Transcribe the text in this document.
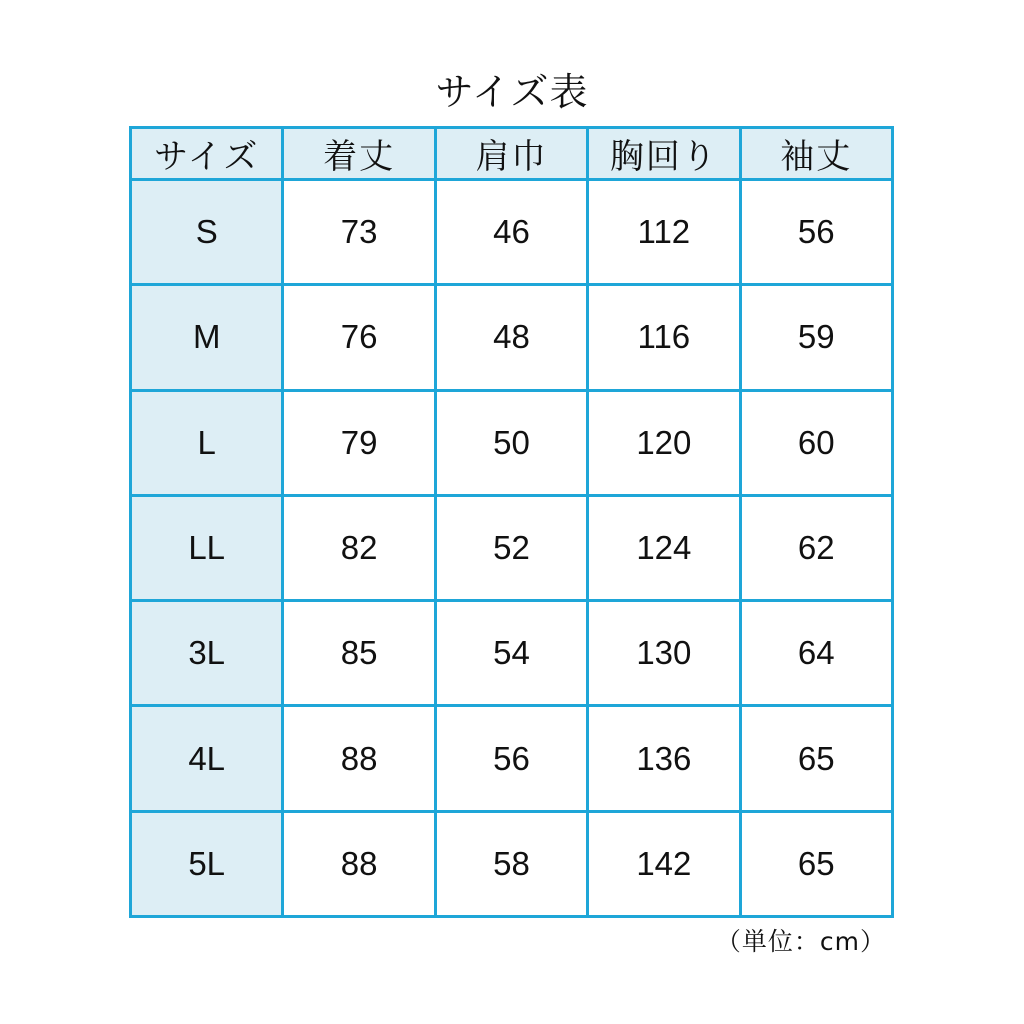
サイズ表
サイズ	着丈	肩巾	胸回り	袖丈
S	73	46	112	56
M	76	48	116	59
L	79	50	120	60
LL	82	52	124	62
3L	85	54	130	64
4L	88	56	136	65
5L	88	58	142	65
（単位：cm）
